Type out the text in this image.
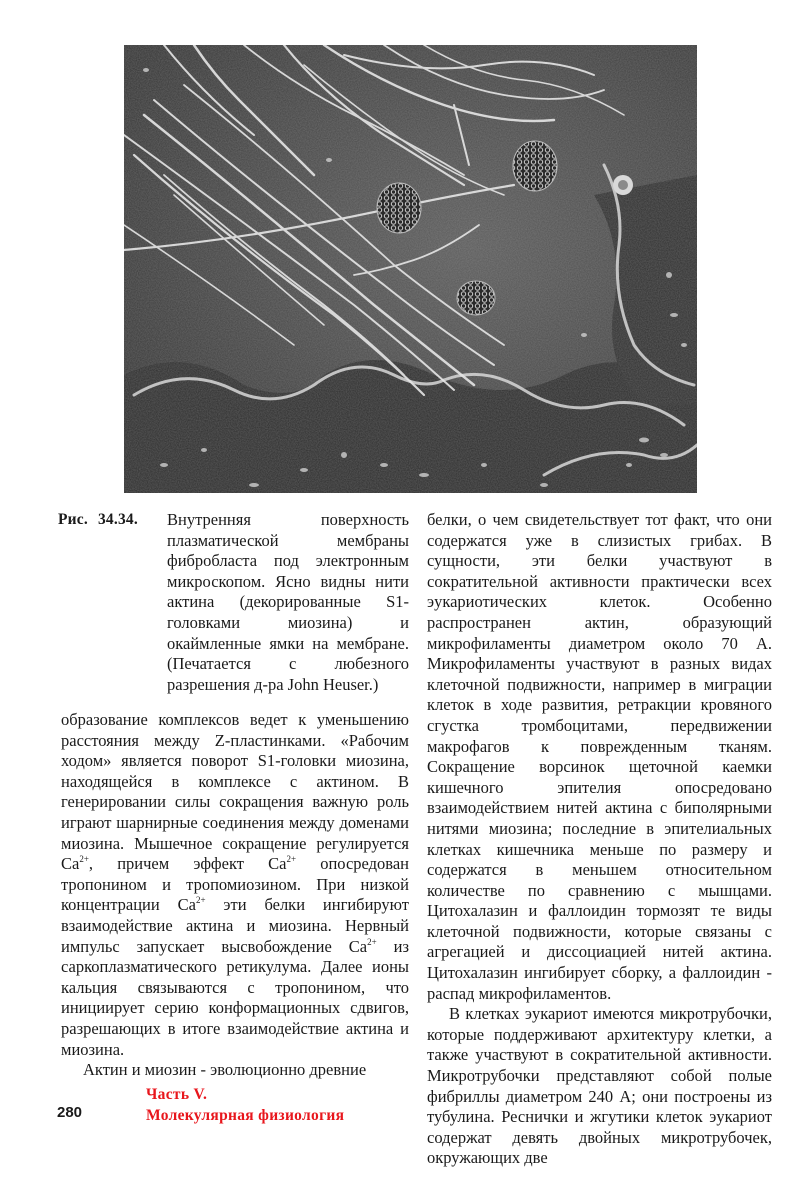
Рис. 34.34. Внутренняя поверхность плазматической мембраны фибробласта под электронным микроскопом. Ясно видны нити актина (декорированные S1-головками миозина) и окаймленные ямки на мембране. (Печатается с любезного разрешения д-ра John Heuser.)

образование комплексов ведет к уменьшению расстояния между Z-пластинками. «Рабочим ходом» является поворот S1-головки миозина, находящейся в комплексе с актином. В генерировании силы сокращения важную роль играют шарнирные соединения между доменами миозина. Мышечное сокращение регулируется $Ca^{2+}$, причем эффект $Ca^{2+}$ опосредован тропонином и тропомиозином. При низкой концентрации $Ca^{2+}$ эти белки ингибируют взаимодействие актина и миозина. Нервный импульс запускает высвобождение $Ca^{2+}$ из саркоплазматического ретикулума. Далее ионы кальция связываются с тропонином, что инициирует серию конформационных сдвигов, разрешающих в итоге взаимодействие актина и миозина.

Актин и миозин - эволюционно древние

белки, о чем свидетельствует тот факт, что они содержатся уже в слизистых грибах. В сущности, эти белки участвуют в сократительной активности практически всех эукариотических клеток. Особенно распространен актин, образующий микрофиламенты диаметром около 70 А. Микрофиламенты участвуют в разных видах клеточной подвижности, например в миграции клеток в ходе развития, ретракции кровяного сгустка тромбоцитами, передвижении макрофагов к поврежденным тканям. Сокращение ворсинок щеточной каемки кишечного эпителия опосредовано взаимодействием нитей актина с биполярными нитями миозина; последние в эпителиальных клетках кишечника меньше по размеру и содержатся в меньшем относительном количестве по сравнению с мышцами. Цитохалазин и фаллоидин тормозят те виды клеточной подвижности, которые связаны с агрегацией и диссоциацией нитей актина. Цитохалазин ингибирует сборку, а фаллоидин - распад микрофиламентов.

В клетках эукариот имеются микротрубочки, которые поддерживают архитектуру клетки, а также участвуют в сократительной активности. Микротрубочки представляют собой полые фибриллы диаметром 240 А; они построены из тубулина. Реснички и жгутики клеток эукариот содержат девять двойных микротрубочек, окружающих две

280
Часть V.
Молекулярная физиология
